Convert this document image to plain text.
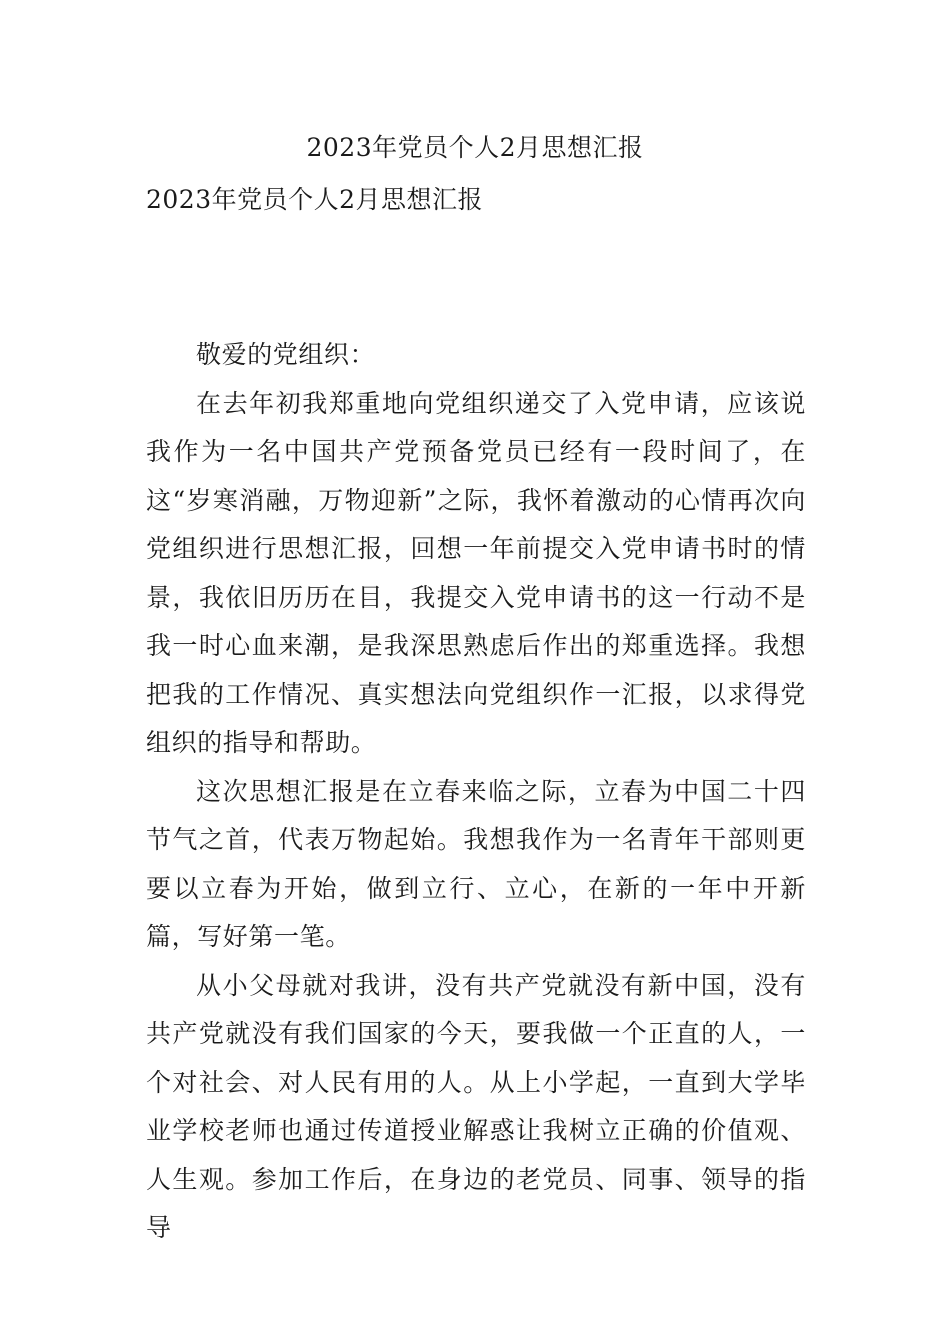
2023年党员个人2月思想汇报
2023年党员个人2月思想汇报

敬爱的党组织：

在去年初我郑重地向党组织递交了入党申请，应该说我作为一名中国共产党预备党员已经有一段时间了，在这“岁寒消融，万物迎新”之际，我怀着激动的心情再次向党组织进行思想汇报，回想一年前提交入党申请书时的情景，我依旧历历在目，我提交入党申请书的这一行动不是我一时心血来潮，是我深思熟虑后作出的郑重选择。我想把我的工作情况、真实想法向党组织作一汇报，以求得党组织的指导和帮助。

这次思想汇报是在立春来临之际，立春为中国二十四节气之首，代表万物起始。我想我作为一名青年干部则更要以立春为开始，做到立行、立心，在新的一年中开新篇，写好第一笔。

从小父母就对我讲，没有共产党就没有新中国，没有共产党就没有我们国家的今天，要我做一个正直的人，一个对社会、对人民有用的人。从上小学起，一直到大学毕业学校老师也通过传道授业解惑让我树立正确的价值观、人生观。参加工作后，在身边的老党员、同事、领导的指导
